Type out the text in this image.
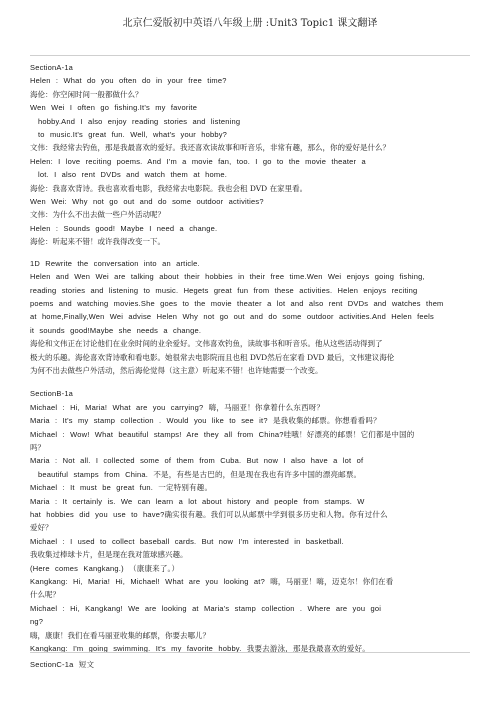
北京仁爱版初中英语八年级上册 :Unit3 Topic1 课文翻译

SectionA-1a

Helen : What do you often do in your free time?

海伦：你空闲时间一般都做什么？

Wen Wei I often go fishing.It's my favorite

hobby.And I also enjoy reading stories and listening

to music.It's great fun. Well, what's your hobby?

文伟：我经常去钓鱼，那是我最喜欢的爱好。我还喜欢读故事和听音乐，非常有趣，那么，你的爱好是什么？

Helen: I love reciting poems. And I'm a movie fan, too. I go to the movie theater a

lot. I also rent DVDs and watch them at home.

海伦：我喜欢背诗。我也喜欢看电影，我经常去电影院。我也会租 DVD 在家里看。

Wen Wei: Why not go out and do some outdoor activities?

文伟：为什么不出去做一些户外活动呢？

Helen : Sounds good! Maybe I need a change.

海伦：听起来不错！或许我得改变一下。

1D Rewrite the conversation into an article.

Helen and Wen Wei are talking about their hobbies in their free time.Wen Wei enjoys going fishing,

reading stories and listening to music. Hegets great fun from these activities. Helen enjoys reciting

poems and watching movies.She goes to the movie theater a lot and also rent DVDs and watches them

at home,Finally,Wen Wei advise Helen Why not go out and do some outdoor activities.And Helen feels

it sounds good!Maybe she needs a change.

海伦和文伟正在讨论他们在业余时间的业余爱好。文伟喜欢钓鱼，读故事书和听音乐。他从这些活动得到了

极大的乐趣。海伦喜欢背诗歌和看电影。她很常去电影院而且也租 DVD然后在家看 DVD 最后，文伟建议海伦

为何不出去做些户外活动，然后海伦觉得（这主意）听起来不错！也许她需要一个改变。

SectionB-1a

Michael : Hi, Maria! What are you carrying? 嗨，马丽亚！你拿着什么东西呀？

Maria : It's my stamp collection . Would you like to see it? 是我收集的邮票。你想看看吗？

Michael : Wow! What beautiful stamps! Are they all from China?哇哦！好漂亮的邮票！它们都是中国的

吗？

Maria : Not all. I collected some of them from Cuba. But now I also have a lot of

beautiful stamps from China. 不是，有些是古巴的，但是现在我也有许多中国的漂亮邮票。

Michael : It must be great fun. 一定特别有趣。

Maria : It certainly is. We can learn a lot about history and people from stamps. W

hat hobbies did you use to have?确实很有趣。我们可以从邮票中学到很多历史和人物。你有过什么

爱好？

Michael : I used to collect baseball cards. But now I'm interested in basketball.

我收集过棒球卡片，但是现在我对篮球感兴趣。

(Here comes Kangkang.) （康康来了。）

Kangkang: Hi, Maria! Hi, Michael! What are you looking at? 嗨，马丽亚！嗨，迈克尔！你们在看

什么呢？

Michael : Hi, Kangkang! We are looking at Maria's stamp collection . Where are you goi

ng?

嗨，康康！我们在看马丽亚收集的邮票，你要去哪儿？

Kangkang: I'm going swimming. It's my favorite hobby. 我要去游泳，那是我最喜欢的爱好。

SectionC-1a 短文
